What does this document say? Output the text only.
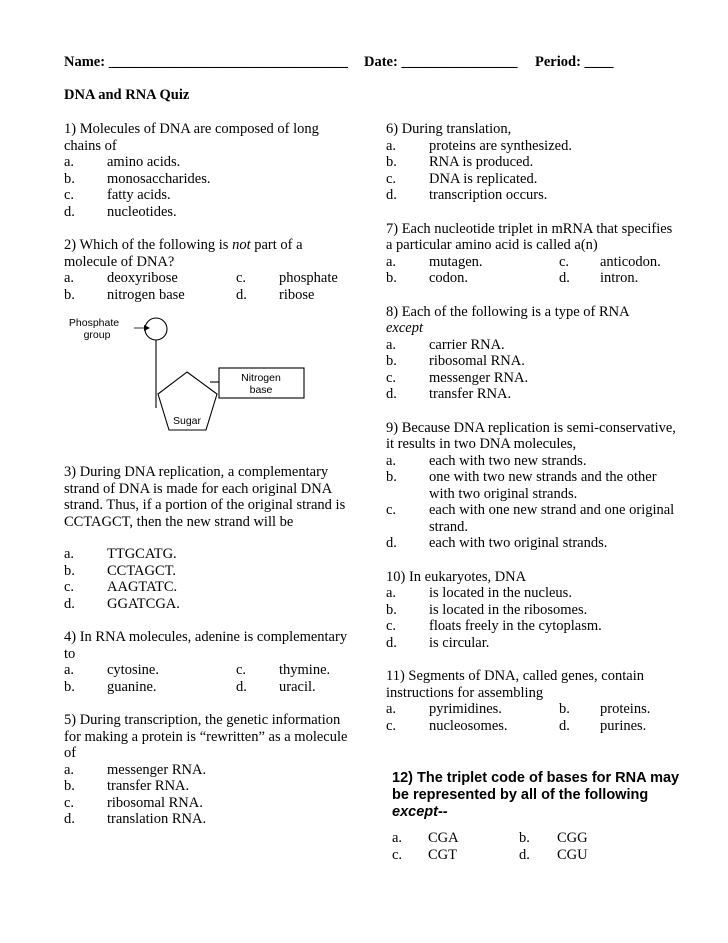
Name: _________________________________ Date: ________________ Period: ____
DNA and RNA Quiz
1) Molecules of DNA are composed of long chains of
a.	amino acids.
b.	monosaccharides.
c.	fatty acids.
d.	nucleotides.
2) Which of the following is not part of a molecule of DNA?
a.	deoxyribose	c.	phosphate
b.	nitrogen base	d.	ribose
Phosphate
group
Nitrogen
base
Sugar
3) During DNA replication, a complementary strand of DNA is made for each original DNA strand. Thus, if a portion of the original strand is CCTAGCT, then the new strand will be
a.	TTGCATG.
b.	CCTAGCT.
c.	AAGTATC.
d.	GGATCGA.
4) In RNA molecules, adenine is complementary to
a.	cytosine.	c.	thymine.
b.	guanine.	d.	uracil.
5) During transcription, the genetic information for making a protein is “rewritten” as a molecule of
a.	messenger RNA.
b.	transfer RNA.
c.	ribosomal RNA.
d.	translation RNA.
6) During translation,
a.	proteins are synthesized.
b.	RNA is produced.
c.	DNA is replicated.
d.	transcription occurs.
7) Each nucleotide triplet in mRNA that specifies a particular amino acid is called a(n)
a.	mutagen.	c.	anticodon.
b.	codon.	d.	intron.
8) Each of the following is a type of RNA
except
a.	carrier RNA.
b.	ribosomal RNA.
c.	messenger RNA.
d.	transfer RNA.
9) Because DNA replication is semi-conservative, it results in two DNA molecules,
a.	each with two new strands.
b.	one with two new strands and the other with two original strands.
c.	each with one new strand and one original strand.
d.	each with two original strands.
10) In eukaryotes, DNA
a.	is located in the nucleus.
b.	is located in the ribosomes.
c.	floats freely in the cytoplasm.
d.	is circular.
11) Segments of DNA, called genes, contain instructions for assembling
a.	pyrimidines.	b.	proteins.
c.	nucleosomes.	d.	purines.
12) The triplet code of bases for RNA may be represented by all of the following except--
a.	CGA	b.	CGG
c.	CGT	d.	CGU
